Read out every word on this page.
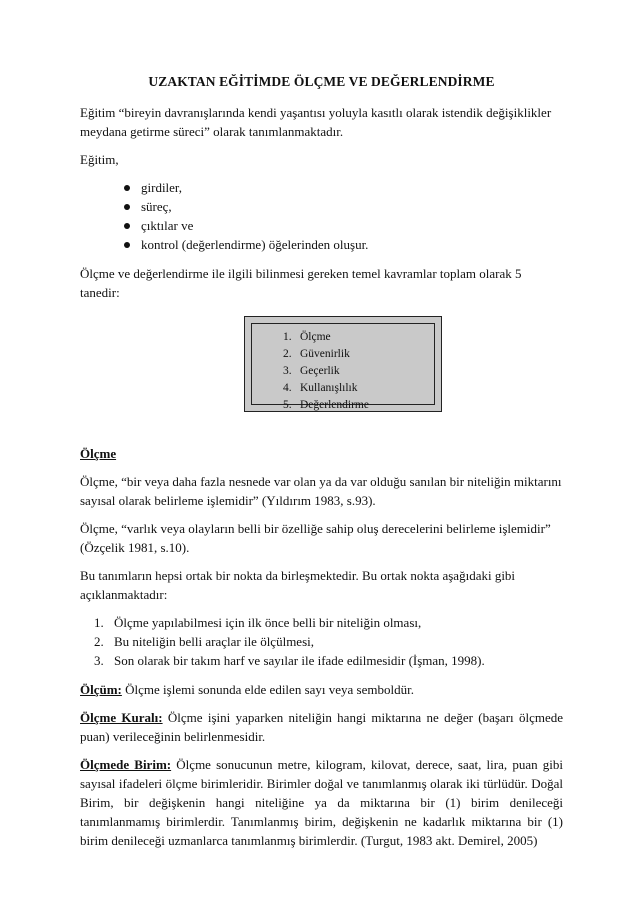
UZAKTAN EĞİTİMDE ÖLÇME VE DEĞERLENDİRME

Eğitim “bireyin davranışlarında kendi yaşantısı yoluyla kasıtlı olarak istendik değişiklikler meydana getirme süreci” olarak tanımlanmaktadır.

Eğitim,

girdiler,
süreç,
çıktılar ve
kontrol (değerlendirme) öğelerinden oluşur.

Ölçme ve değerlendirme ile ilgili bilinmesi gereken temel kavramlar toplam olarak 5 tanedir:

1. Ölçme
2. Güvenirlik
3. Geçerlik
4. Kullanışlılık
5. Değerlendirme
Ölçme

Ölçme, “bir veya daha fazla nesnede var olan ya da var olduğu sanılan bir niteliğin miktarını sayısal olarak belirleme işlemidir” (Yıldırım 1983, s.93).

Ölçme, “varlık veya olayların belli bir özelliğe sahip oluş derecelerini belirleme işlemidir” (Özçelik 1981, s.10).

Bu tanımların hepsi ortak bir nokta da birleşmektedir. Bu ortak nokta aşağıdaki gibi açıklanmaktadır:

1. Ölçme yapılabilmesi için ilk önce belli bir niteliğin olması,
2. Bu niteliğin belli araçlar ile ölçülmesi,
3. Son olarak bir takım harf ve sayılar ile ifade edilmesidir (İşman, 1998).

Ölçüm: Ölçme işlemi sonunda elde edilen sayı veya semboldür.

Ölçme Kuralı: Ölçme işini yaparken niteliğin hangi miktarına ne değer (başarı ölçmede puan) verileceğinin belirlenmesidir.

Ölçmede Birim: Ölçme sonucunun metre, kilogram, kilovat, derece, saat, lira, puan gibi sayısal ifadeleri ölçme birimleridir. Birimler doğal ve tanımlanmış olarak iki türlüdür. Doğal Birim, bir değişkenin hangi niteliğine ya da miktarına bir (1) birim denileceği tanımlanmamış birimlerdir. Tanımlanmış birim, değişkenin ne kadarlık miktarına bir (1) birim denileceği uzmanlarca tanımlanmış birimlerdir. (Turgut, 1983 akt. Demirel, 2005)
